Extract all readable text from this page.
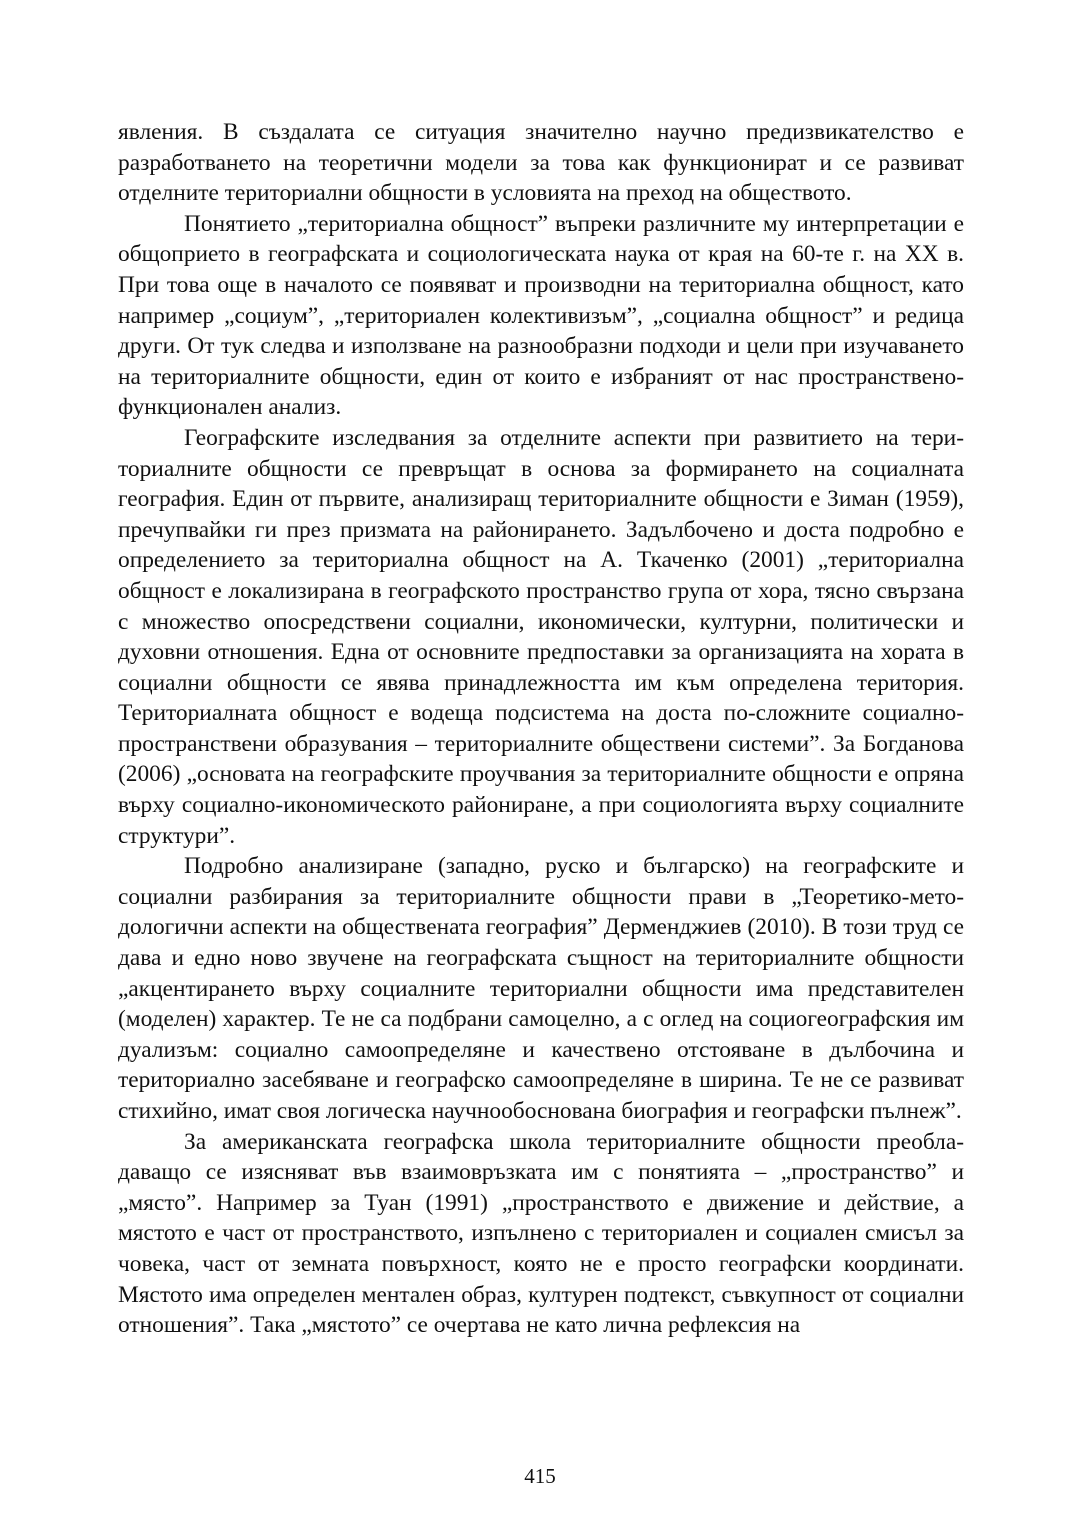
явления. В създалата се ситуация значително научно предизвикателство е разработването на теоретични модели за това как функционират и се развиват отделните териториални общности в условията на преход на обществото.

Понятието „териториална общност” въпреки различните му интерпретации е общоприето в географската и социологическата наука от края на 60-те г. на XX в. При това още в началото се появяват и производни на териториална общност, като например „социум”, „териториален колективизъм”, „социална общност” и редица други. От тук следва и използване на разнообразни подходи и цели при изучаването на териториалните общности, един от които е избраният от нас пространствено-функционален анализ.

Географските изследвания за отделните аспекти при развитието на териториалните общности се превръщат в основа за формирането на социалната география. Един от първите, анализиращ териториалните общности е Зиман (1959), пречупвайки ги през призмата на районирането. Задълбочено и доста подробно е определението за териториална общност на А. Ткаченко (2001) „териториална общност е локализирана в географското пространство група от хора, тясно свързана с множество опосредствени социални, икономически, културни, политически и духовни отношения. Една от основните предпоставки за организацията на хората в социални общности се явява принадлежността им към определена територия. Териториалната общност е водеща подсистема на доста по-сложните социално-пространствени образувания – териториалните обществени системи”. За Богданова (2006) „основата на географските проучвания за териториалните общности е опряна върху социално-икономическото райониране, а при социологията върху социалните структури”.

Подробно анализиране (западно, руско и българско) на географските и социални разбирания за териториалните общности прави в „Теоретико-методологични аспекти на обществената география” Дерменджиев (2010). В този труд се дава и едно ново звучене на географската същност на териториалните общности „акцентирането върху социалните териториални общности има представителен (моделен) характер. Те не са подбрани самоцелно, а с оглед на социогеографския им дуализъм: социално самоопределяне и качествено отстояване в дълбочина и териториално засебяване и географско самоопределяне в ширина. Те не се развиват стихийно, имат своя логическа научнообоснована биография и географски пълнеж”.

За американската географска школа териториалните общности преобладаващо се изясняват във взаимовръзката им с понятията – „пространство” и „място”. Например за Туан (1991) „пространството е движение и действие, а мястото е част от пространството, изпълнено с териториален и социален смисъл за човека, част от земната повърхност, която не е просто географски координати. Мястото има определен ментален образ, културен подтекст, съвкупност от социални отношения”. Така „мястото” се очертава не като лична рефлексия на

415
